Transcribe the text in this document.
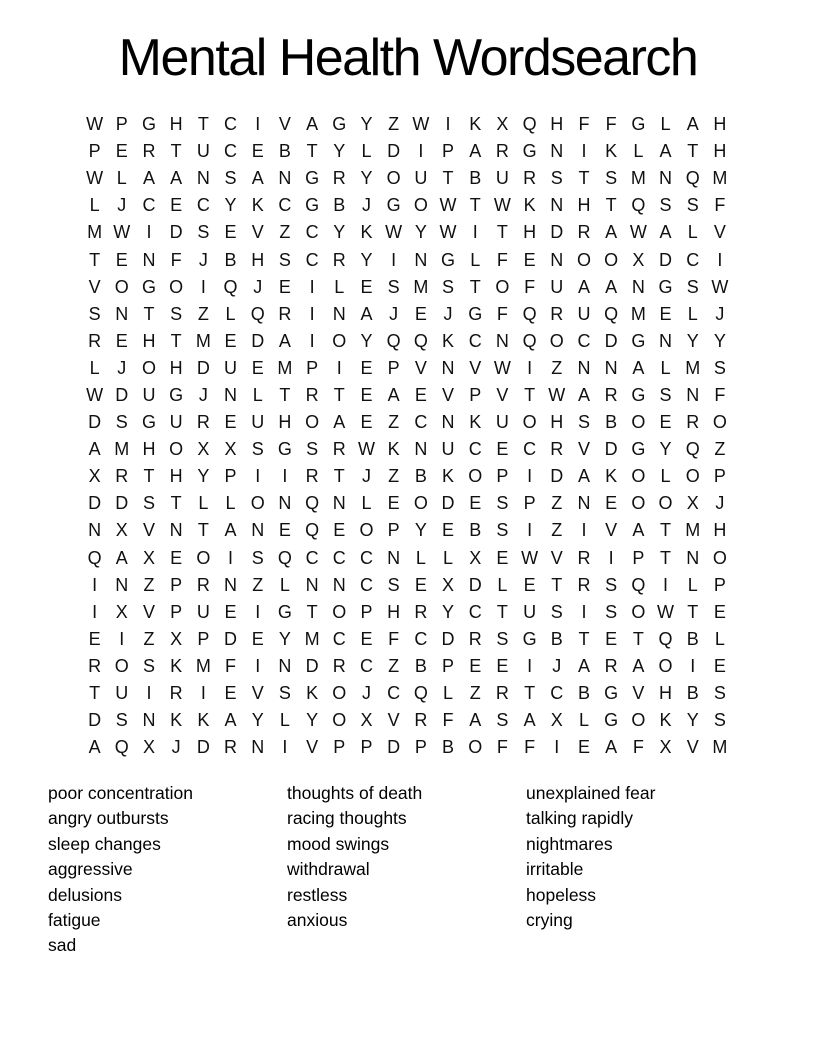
Mental Health Wordsearch
W P G H T C	I	V A G Y Z W I	K X Q H F F G L A H
P E R T U C E B T Y L D	I	P A R G N	I	K L A T H
W L A A N S A N G R Y O U T B U R S T S M N Q M
L J C E C Y K C G B J G O W T W K N H T Q S S F
M W I	D S E V Z C Y K W Y W I	T H D R A W A L V
T E N F J B H S C R Y	I	N G L F E N O O X D C	I
V O G O I Q J E	I	L E S M S T O F U A A N G S W
S N T S Z L Q R	I	N A J E J G F Q R U Q M E L J
R E H T M E D A	I O Y Q Q K C N Q O C D G N Y Y
L J O H D U E M P	I	E P V N V W I	Z N N A L M S
W D U G J N L T R T E A E V P V T W A R G S N F
D S G U R E U H O A E Z C N K U O H S B O E R O
A M H O X X S G S R W K N U C E C R V D G Y Q Z
X R T H Y P	I	I	R T J Z B K O P	I	D A K O L O P
D D S T L L O N Q N L E O D E S P Z N E O O X J
N X V N T A N E Q E O P Y E B S	I	Z	I	V A T M H
Q A X E O I	S Q C C C N L L X E W V R	I	P T N O
I	N Z P R N Z L N N C S E X D L E T R S Q I	L P
I	X V P U E	I G T O P H R Y C T U S	I	S O W T E
E	I	Z X P D E Y M C E F C D R S G B T E T Q B L
R O S K M F	I	N D R C Z B P E E	I	J A R A O I	E
T U	I	R	I	E V S K O J C Q L Z R T C B G V H B S
D S N K K A Y L Y O X V R F A S A X L G O K Y S
A Q X J D R N	I	V P P D P B O F F	I	E A F X V M
poor concentration
angry outbursts
sleep changes
aggressive
delusions
fatigue
sad
thoughts of death
racing thoughts
mood swings
withdrawal
restless
anxious
unexplained fear
talking rapidly
nightmares
irritable
hopeless
crying
